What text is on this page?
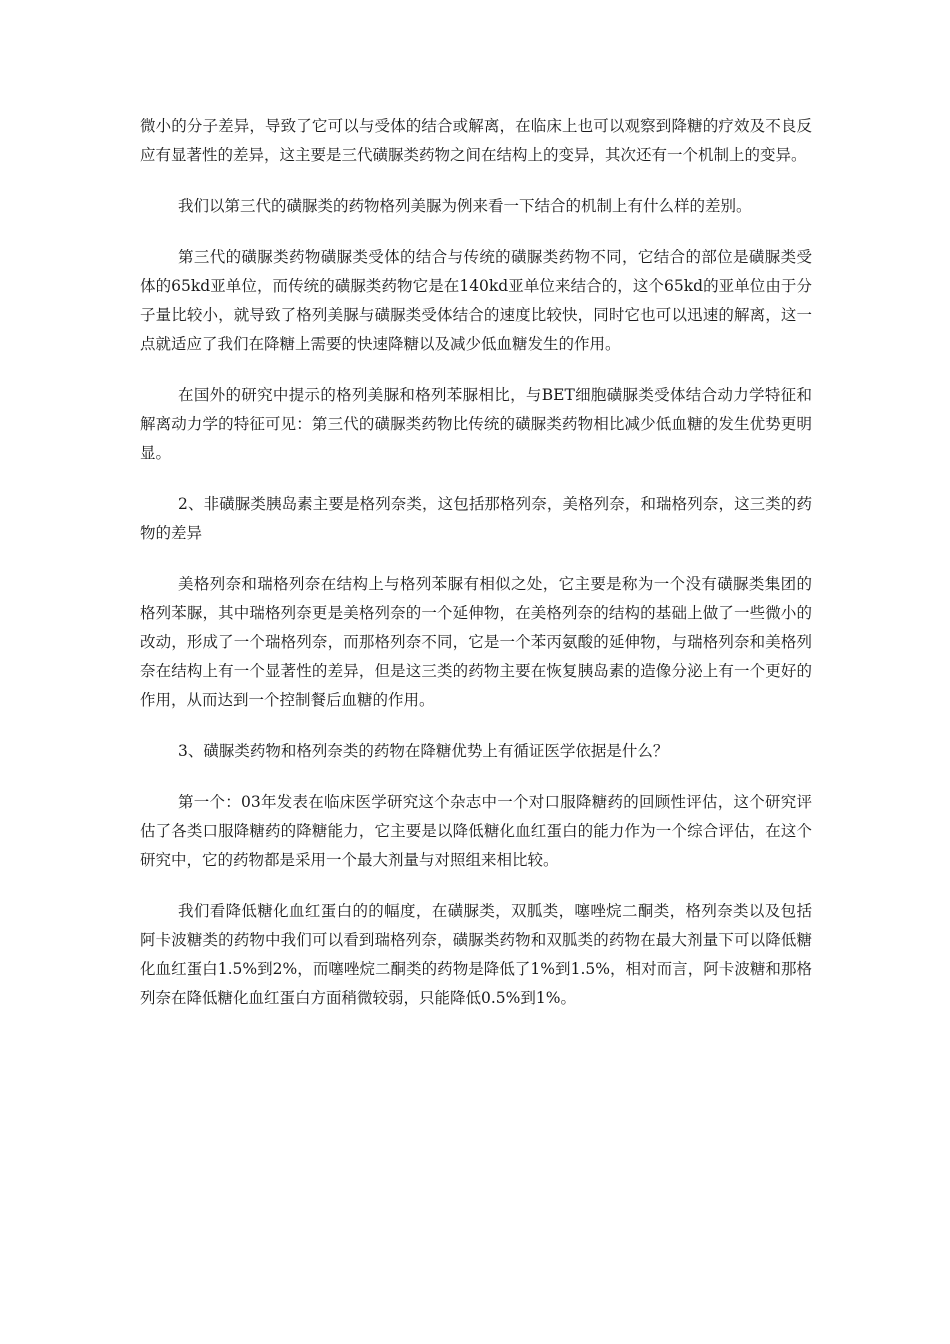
微小的分子差异，导致了它可以与受体的结合或解离，在临床上也可以观察到降糖的疗效及不良反应有显著性的差异，这主要是三代磺脲类药物之间在结构上的变异，其次还有一个机制上的变异。

我们以第三代的磺脲类的药物格列美脲为例来看一下结合的机制上有什么样的差别。

第三代的磺脲类药物磺脲类受体的结合与传统的磺脲类药物不同，它结合的部位是磺脲类受体的65kd亚单位，而传统的磺脲类药物它是在140kd亚单位来结合的，这个65kd的亚单位由于分子量比较小，就导致了格列美脲与磺脲类受体结合的速度比较快，同时它也可以迅速的解离，这一点就适应了我们在降糖上需要的快速降糖以及减少低血糖发生的作用。

在国外的研究中提示的格列美脲和格列苯脲相比，与BET细胞磺脲类受体结合动力学特征和解离动力学的特征可见：第三代的磺脲类药物比传统的磺脲类药物相比减少低血糖的发生优势更明显。

2、非磺脲类胰岛素主要是格列奈类，这包括那格列奈，美格列奈，和瑞格列奈，这三类的药物的差异

美格列奈和瑞格列奈在结构上与格列苯脲有相似之处，它主要是称为一个没有磺脲类集团的格列苯脲，其中瑞格列奈更是美格列奈的一个延伸物，在美格列奈的结构的基础上做了一些微小的改动，形成了一个瑞格列奈，而那格列奈不同，它是一个苯丙氨酸的延伸物，与瑞格列奈和美格列奈在结构上有一个显著性的差异，但是这三类的药物主要在恢复胰岛素的造像分泌上有一个更好的作用，从而达到一个控制餐后血糖的作用。

3、磺脲类药物和格列奈类的药物在降糖优势上有循证医学依据是什么？

第一个：03年发表在临床医学研究这个杂志中一个对口服降糖药的回顾性评估，这个研究评估了各类口服降糖药的降糖能力，它主要是以降低糖化血红蛋白的能力作为一个综合评估，在这个研究中，它的药物都是采用一个最大剂量与对照组来相比较。

我们看降低糖化血红蛋白的的幅度，在磺脲类，双胍类，噻唑烷二酮类，格列奈类以及包括阿卡波糖类的药物中我们可以看到瑞格列奈，磺脲类药物和双胍类的药物在最大剂量下可以降低糖化血红蛋白1.5%到2%，而噻唑烷二酮类的药物是降低了1%到1.5%，相对而言，阿卡波糖和那格列奈在降低糖化血红蛋白方面稍微较弱，只能降低0.5%到1%。
